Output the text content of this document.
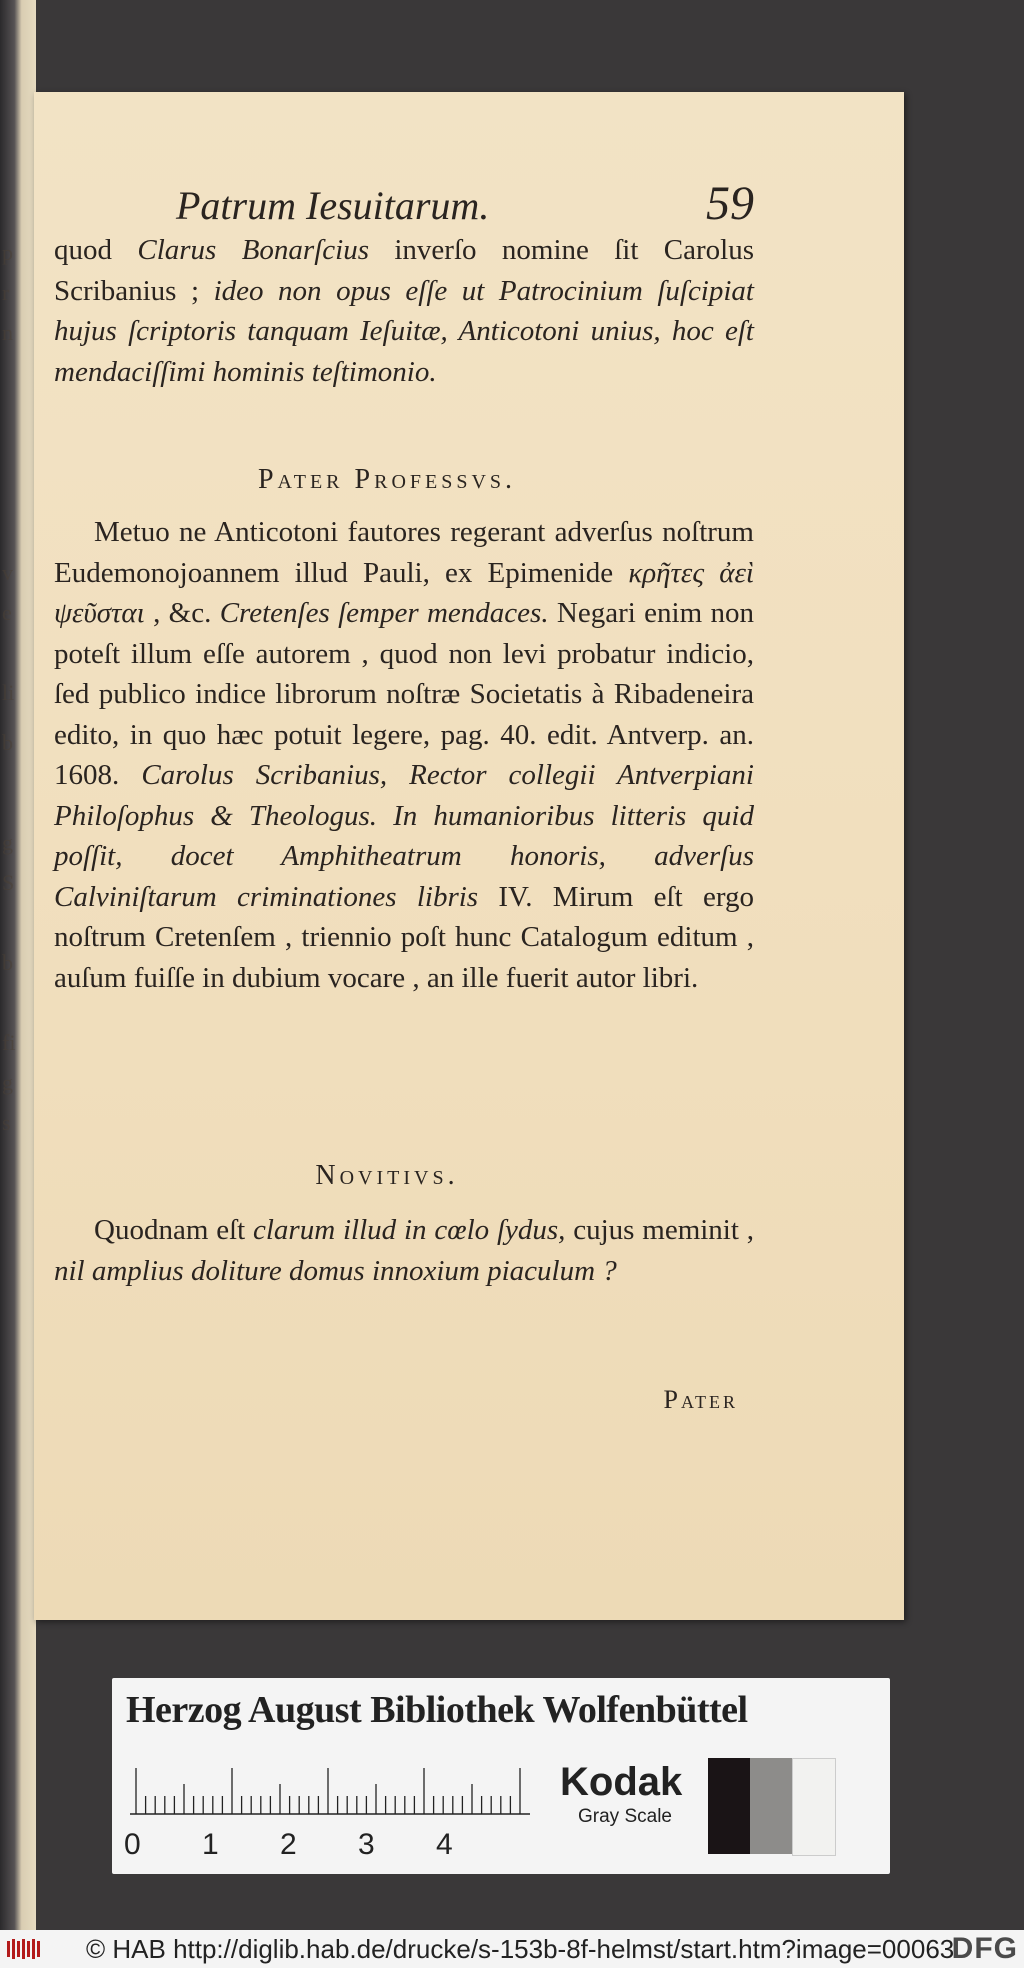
p
r
n
v
e
li
b
g
S
b
fi
g
s
Patrum Iesuitarum.	59
quod Clarus Bonarſcius inverſo nomine ſit Carolus Scribanius ; ideo non opus eſſe ut Patrocinium ſuſcipiat hujus ſcriptoris tanquam Ieſuitæ, Anticotoni unius, hoc eſt mendaciſſimi hominis teſtimonio.
Pater Professvs.
Metuo ne Anticotoni fautores regerant adverſus noſtrum Eudemonojoannem illud Pauli, ex Epimenide κρῆτες ἀεὶ ψεῦσται , &c. Cretenſes ſemper mendaces. Negari enim non poteſt illum eſſe autorem , quod non levi probatur indicio, ſed publico indice librorum noſtræ Societatis à Ribadeneira edito, in quo hæc potuit legere, pag. 40. edit. Antverp. an. 1608. Carolus Scribanius, Rector collegii Antverpiani Philoſophus & Theologus. In humanioribus litteris quid poſſit, docet Amphitheatrum honoris, adverſus Calviniſtarum criminationes libris IV. Mirum eſt ergo noſtrum Cretenſem , triennio poſt hunc Catalogum editum , auſum fuiſſe in dubium vocare , an ille fuerit autor libri.
Novitivs.
Quodnam eſt clarum illud in cœlo ſydus, cujus meminit , nil amplius doliture domus innoxium piaculum ?
Pater
Herzog August Bibliothek Wolfenbüttel
0 1 2 3 4
Kodak
Gray Scale
© HAB http://diglib.hab.de/drucke/s-153b-8f-helmst/start.htm?image=00063
DFG
